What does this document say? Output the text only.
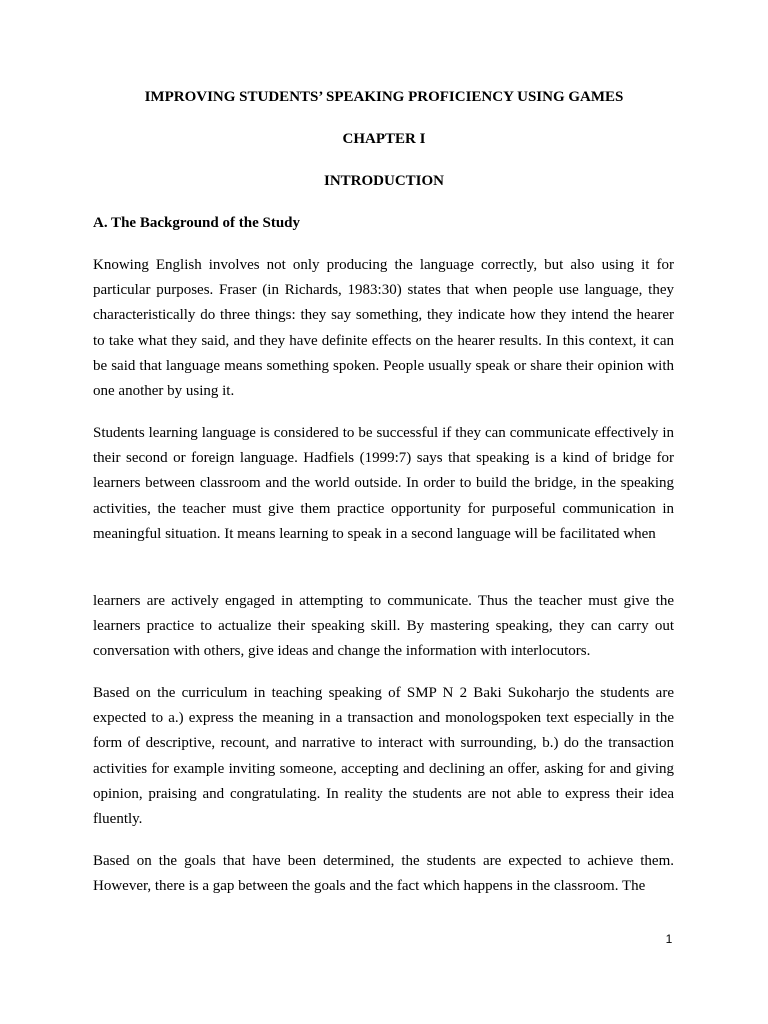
IMPROVING STUDENTS’ SPEAKING PROFICIENCY USING GAMES

CHAPTER I

INTRODUCTION

A. The Background of the Study

Knowing English involves not only producing the language correctly, but also using it for particular purposes. Fraser (in Richards, 1983:30) states that when people use language, they characteristically do three things: they say something, they indicate how they intend the hearer to take what they said, and they have definite effects on the hearer results. In this context, it can be said that language means something spoken. People usually speak or share their opinion with one another by using it.

Students learning language is considered to be successful if they can communicate effectively in their second or foreign language. Hadfiels (1999:7) says that speaking is a kind of bridge for learners between classroom and the world outside. In order to build the bridge, in the speaking activities, the teacher must give them practice opportunity for purposeful communication in meaningful situation. It means learning to speak in a second language will be facilitated when

learners are actively engaged in attempting to communicate. Thus the teacher must give the learners practice to actualize their speaking skill. By mastering speaking, they can carry out conversation with others, give ideas and change the information with interlocutors.

Based on the curriculum in teaching speaking of SMP N 2 Baki Sukoharjo the students are expected to a.) express the meaning in a transaction and monologspoken text especially in the form of descriptive, recount, and narrative to interact with surrounding, b.) do the transaction activities for example inviting someone, accepting and declining an offer, asking for and giving opinion, praising and congratulating. In reality the students are not able to express their idea fluently.

Based on the goals that have been determined, the students are expected to achieve them. However, there is a gap between the goals and the fact which happens in the classroom. The

1
